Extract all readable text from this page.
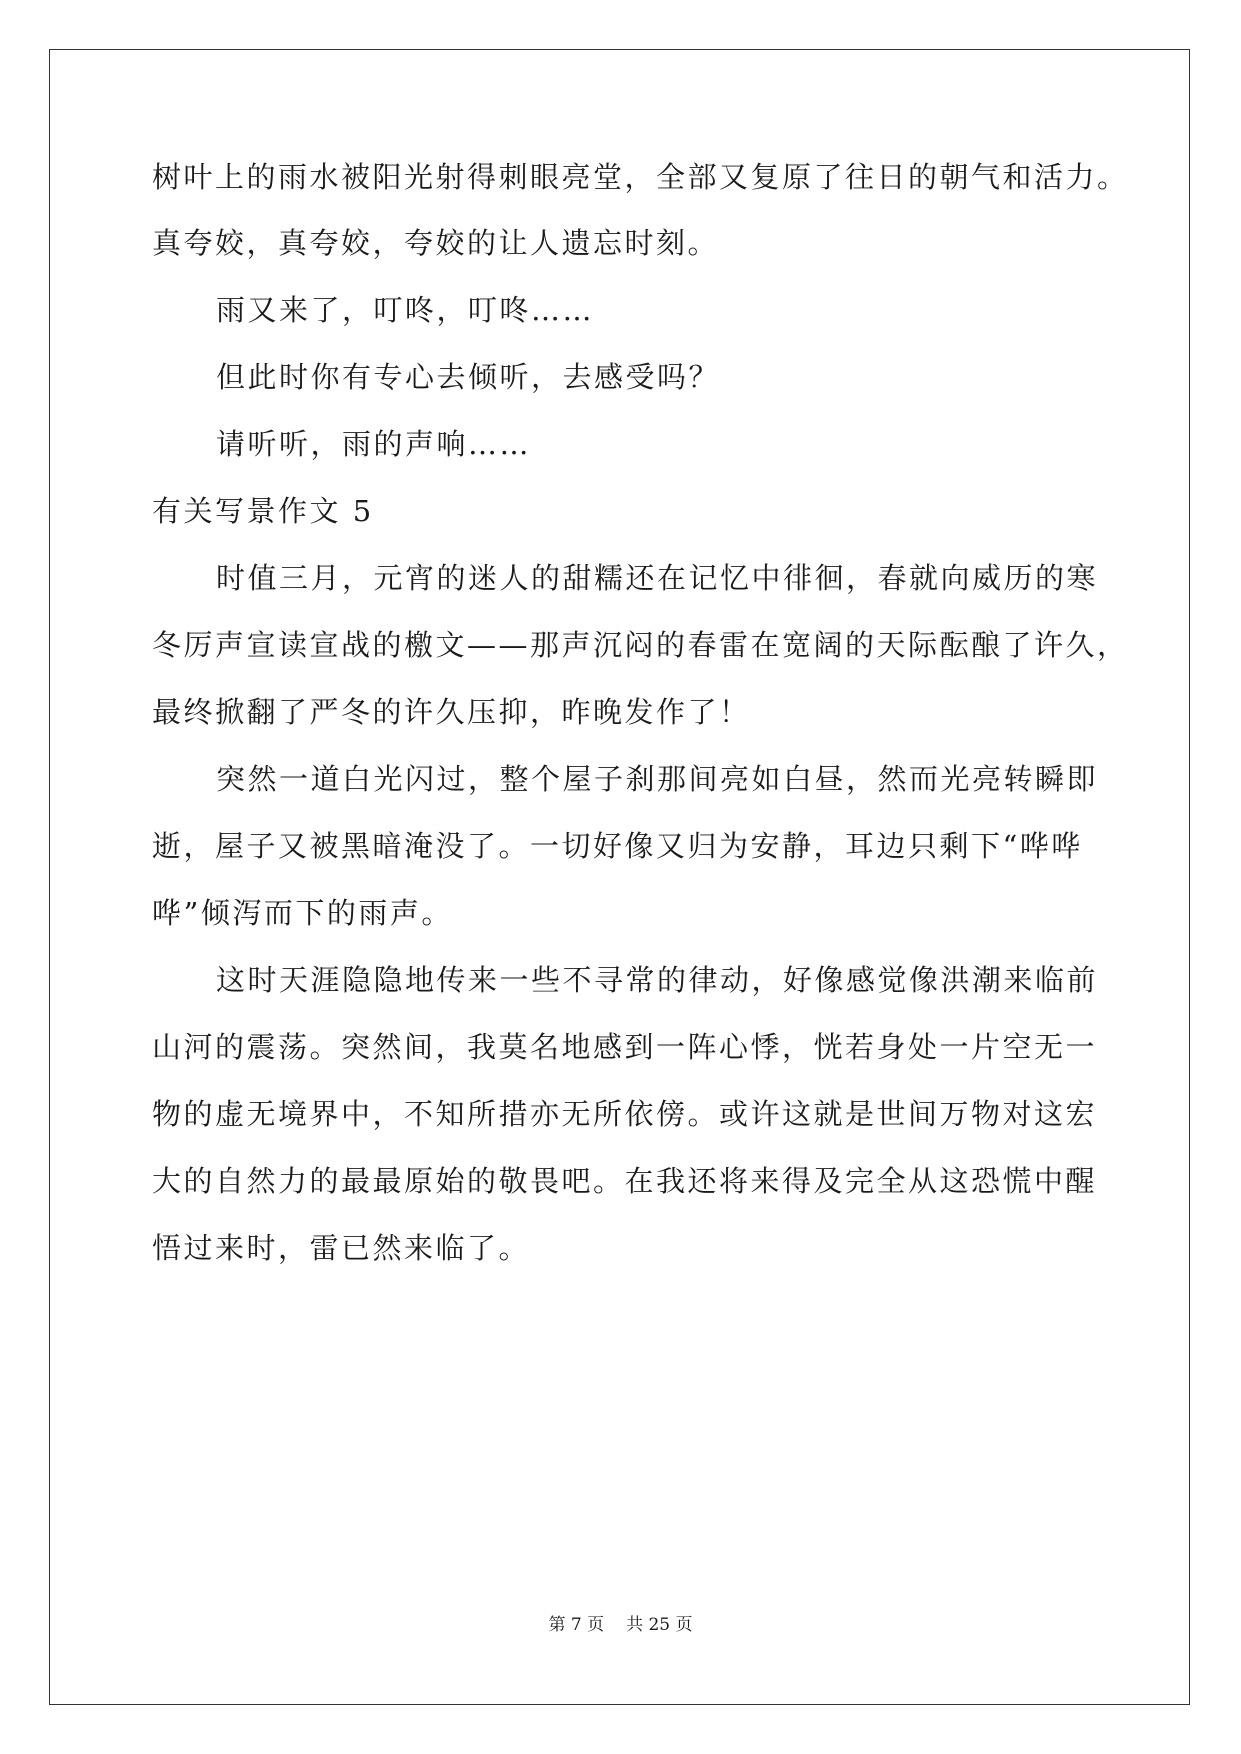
树叶上的雨水被阳光射得刺眼亮堂，全部又复原了往日的朝气和活力。
真夸姣，真夸姣，夸姣的让人遗忘时刻。
雨又来了，叮咚，叮咚……
但此时你有专心去倾听，去感受吗？
请听听，雨的声响……
有关写景作文 5
时值三月，元宵的迷人的甜糯还在记忆中徘徊，春就向威历的寒
冬厉声宣读宣战的檄文——那声沉闷的春雷在宽阔的天际酝酿了许久，
最终掀翻了严冬的许久压抑，昨晚发作了！
突然一道白光闪过，整个屋子刹那间亮如白昼，然而光亮转瞬即
逝，屋子又被黑暗淹没了。一切好像又归为安静，耳边只剩下“哗哗
哗”倾泻而下的雨声。
这时天涯隐隐地传来一些不寻常的律动，好像感觉像洪潮来临前
山河的震荡。突然间，我莫名地感到一阵心悸，恍若身处一片空无一
物的虚无境界中，不知所措亦无所依傍。或许这就是世间万物对这宏
大的自然力的最最原始的敬畏吧。在我还将来得及完全从这恐慌中醒
悟过来时，雷已然来临了。
第 7 页 共 25 页
